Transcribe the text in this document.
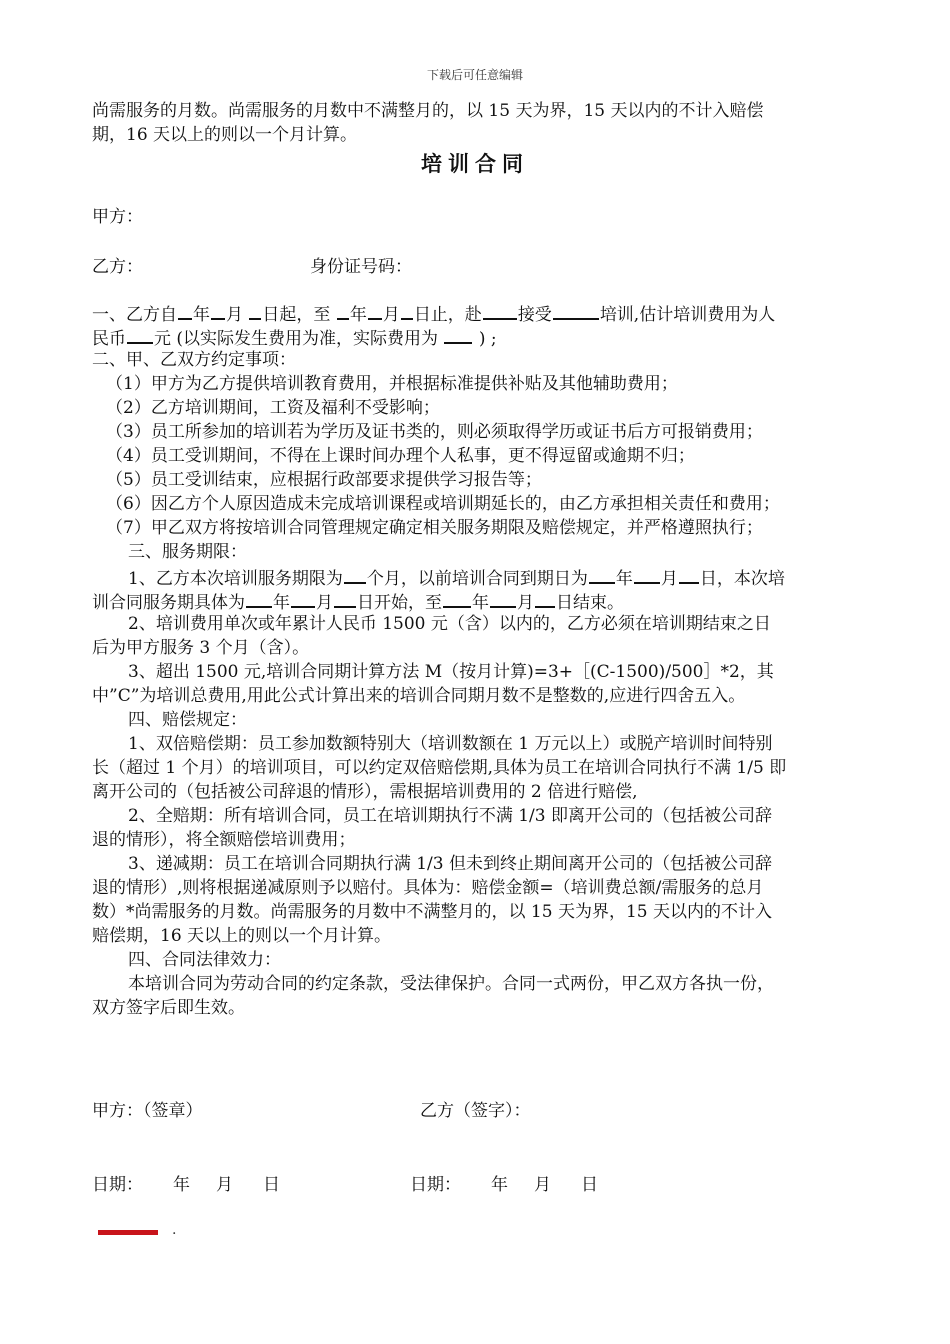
下载后可任意编辑
尚需服务的月数。尚需服务的月数中不满整月的，以 15 天为界，15 天以内的不计入赔偿
期，16 天以上的则以一个月计算。
培训合同
甲方：
乙方：	身份证号码：
一、乙方自 年 月 日起，至 年 月 日止，赴 接受	培训,估计培训费用为人
民币 元 (以实际发生费用为准，实际费用为  ) ;
二、甲、乙双方约定事项：
（1）甲方为乙方提供培训教育费用，并根据标准提供补贴及其他辅助费用；
（2）乙方培训期间，工资及福利不受影响；
（3）员工所参加的培训若为学历及证书类的，则必须取得学历或证书后方可报销费用；
（4）员工受训期间，不得在上课时间办理个人私事，更不得逗留或逾期不归；
（5）员工受训结束，应根据行政部要求提供学习报告等；
（6）因乙方个人原因造成未完成培训课程或培训期延长的，由乙方承担相关责任和费用；
（7）甲乙双方将按培训合同管理规定确定相关服务期限及赔偿规定，并严格遵照执行；
三、服务期限：
1、乙方本次培训服务期限为 个月，以前培训合同到期日为 年 月 日，本次培
训合同服务期具体为 年 月 日开始，至 年 月 日结束。
2、培训费用单次或年累计人民币 1500 元（含）以内的，乙方必须在培训期结束之日
后为甲方服务 3 个月（含）。
3、超出 1500 元,培训合同期计算方法 M（按月计算)=3+［(C-1500)/500］*2，其
中”C”为培训总费用,用此公式计算出来的培训合同期月数不是整数的,应进行四舍五入。
四、赔偿规定：
1、双倍赔偿期：员工参加数额特别大（培训数额在 1 万元以上）或脱产培训时间特别
长（超过 1 个月）的培训项目，可以约定双倍赔偿期,具体为员工在培训合同执行不满 1/5 即
离开公司的（包括被公司辞退的情形），需根据培训费用的 2 倍进行赔偿,
2、全赔期：所有培训合同，员工在培训期执行不满 1/3 即离开公司的（包括被公司辞
退的情形），将全额赔偿培训费用；
3、递减期：员工在培训合同期执行满 1/3 但未到终止期间离开公司的（包括被公司辞
退的情形）,则将根据递减原则予以赔付。具体为：赔偿金额=（培训费总额/需服务的总月
数）*尚需服务的月数。尚需服务的月数中不满整月的，以 15 天为界，15 天以内的不计入
赔偿期，16 天以上的则以一个月计算。
四、合同法律效力：
本培训合同为劳动合同的约定条款，受法律保护。合同一式两份，甲乙双方各执一份，
双方签字后即生效。
甲方：（签章）	乙方（签字）：
日期： 年 月 日	日期： 年 月 日
.
